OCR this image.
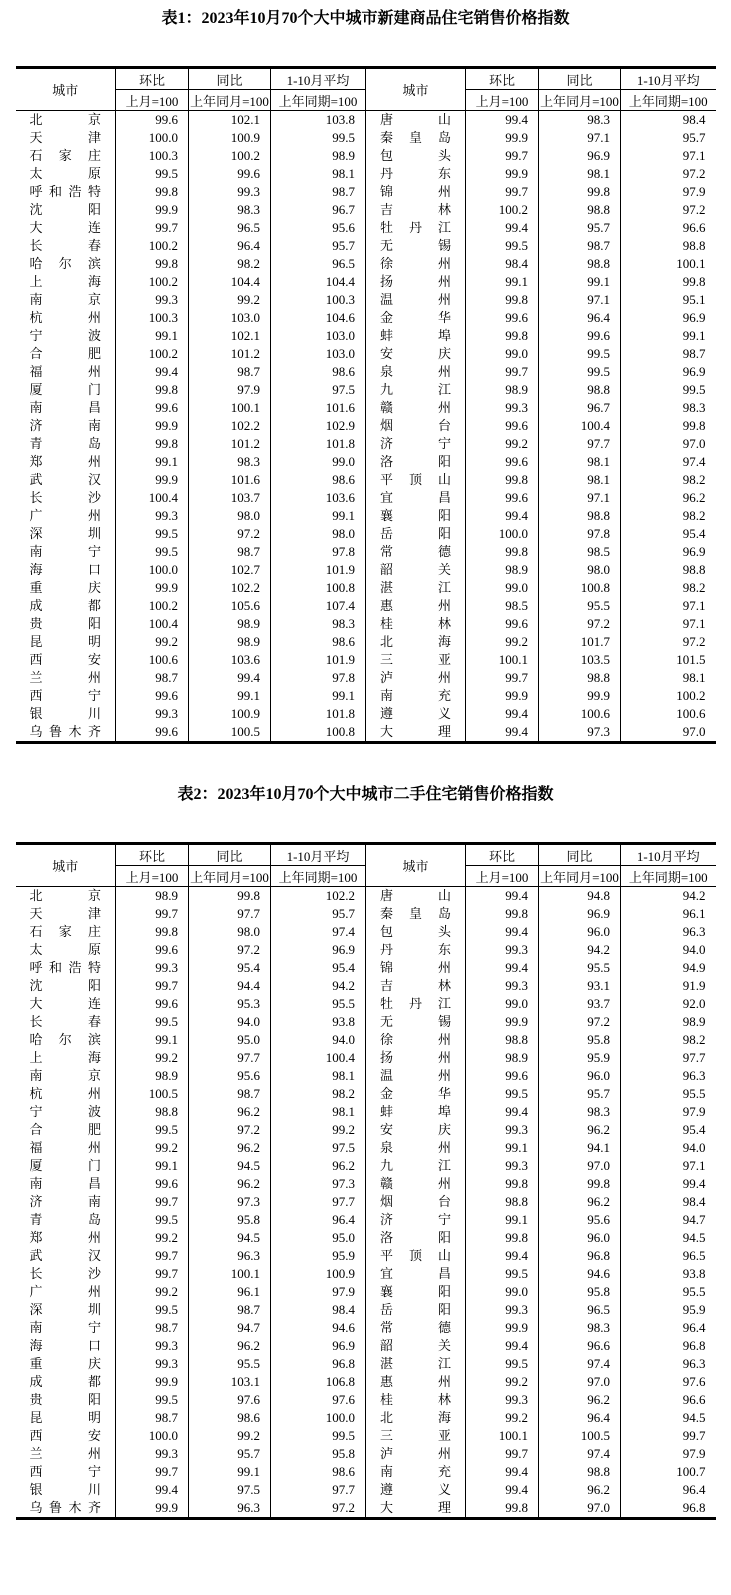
表1：2023年10月70个大中城市新建商品住宅销售价格指数
城市	环比	同比	1-10月平均	城市	环比	同比	1-10月平均
	上月=100	上年同月=100	上年同期=100		上月=100	上年同月=100	上年同期=100

北 京	99.6	102.1	103.8	唐 山	99.4	98.3	98.4

天 津	100.0	100.9	99.5	秦 皇 岛	99.9	97.1	95.7

石 家 庄	100.3	100.2	98.9	包 头	99.7	96.9	97.1

太 原	99.5	99.6	98.1	丹 东	99.9	98.1	97.2

呼 和 浩 特	99.8	99.3	98.7	锦 州	99.7	99.8	97.9

沈 阳	99.9	98.3	96.7	吉 林	100.2	98.8	97.2

大 连	99.7	96.5	95.6	牡 丹 江	99.4	95.7	96.6

长 春	100.2	96.4	95.7	无 锡	99.5	98.7	98.8

哈 尔 滨	99.8	98.2	96.5	徐 州	98.4	98.8	100.1

上 海	100.2	104.4	104.4	扬 州	99.1	99.1	99.8

南 京	99.3	99.2	100.3	温 州	99.8	97.1	95.1

杭 州	100.3	103.0	104.6	金 华	99.6	96.4	96.9

宁 波	99.1	102.1	103.0	蚌 埠	99.8	99.6	99.1

合 肥	100.2	101.2	103.0	安 庆	99.0	99.5	98.7

福 州	99.4	98.7	98.6	泉 州	99.7	99.5	96.9

厦 门	99.8	97.9	97.5	九 江	98.9	98.8	99.5

南 昌	99.6	100.1	101.6	赣 州	99.3	96.7	98.3

济 南	99.9	102.2	102.9	烟 台	99.6	100.4	99.8

青 岛	99.8	101.2	101.8	济 宁	99.2	97.7	97.0

郑 州	99.1	98.3	99.0	洛 阳	99.6	98.1	97.4

武 汉	99.9	101.6	98.6	平 顶 山	99.8	98.1	98.2

长 沙	100.4	103.7	103.6	宜 昌	99.6	97.1	96.2

广 州	99.3	98.0	99.1	襄 阳	99.4	98.8	98.2

深 圳	99.5	97.2	98.0	岳 阳	100.0	97.8	95.4

南 宁	99.5	98.7	97.8	常 德	99.8	98.5	96.9

海 口	100.0	102.7	101.9	韶 关	98.9	98.0	98.8

重 庆	99.9	102.2	100.8	湛 江	99.0	100.8	98.2

成 都	100.2	105.6	107.4	惠 州	98.5	95.5	97.1

贵 阳	100.4	98.9	98.3	桂 林	99.6	97.2	97.1

昆 明	99.2	98.9	98.6	北 海	99.2	101.7	97.2

西 安	100.6	103.6	101.9	三 亚	100.1	103.5	101.5

兰 州	98.7	99.4	97.8	泸 州	99.7	98.8	98.1

西 宁	99.6	99.1	99.1	南 充	99.9	99.9	100.2

银 川	99.3	100.9	101.8	遵 义	99.4	100.6	100.6

乌 鲁 木 齐	99.6	100.5	100.8	大 理	99.4	97.3	97.0
表2：2023年10月70个大中城市二手住宅销售价格指数
城市	环比	同比	1-10月平均	城市	环比	同比	1-10月平均
	上月=100	上年同月=100	上年同期=100		上月=100	上年同月=100	上年同期=100

北 京	98.9	99.8	102.2	唐 山	99.4	94.8	94.2

天 津	99.7	97.7	95.7	秦 皇 岛	99.8	96.9	96.1

石 家 庄	99.8	98.0	97.4	包 头	99.4	96.0	96.3

太 原	99.6	97.2	96.9	丹 东	99.3	94.2	94.0

呼 和 浩 特	99.3	95.4	95.4	锦 州	99.4	95.5	94.9

沈 阳	99.7	94.4	94.2	吉 林	99.3	93.1	91.9

大 连	99.6	95.3	95.5	牡 丹 江	99.0	93.7	92.0

长 春	99.5	94.0	93.8	无 锡	99.9	97.2	98.9

哈 尔 滨	99.1	95.0	94.0	徐 州	98.8	95.8	98.2

上 海	99.2	97.7	100.4	扬 州	98.9	95.9	97.7

南 京	98.9	95.6	98.1	温 州	99.6	96.0	96.3

杭 州	100.5	98.7	98.2	金 华	99.5	95.7	95.5

宁 波	98.8	96.2	98.1	蚌 埠	99.4	98.3	97.9

合 肥	99.5	97.2	99.2	安 庆	99.3	96.2	95.4

福 州	99.2	96.2	97.5	泉 州	99.1	94.1	94.0

厦 门	99.1	94.5	96.2	九 江	99.3	97.0	97.1

南 昌	99.6	96.2	97.3	赣 州	99.8	99.8	99.4

济 南	99.7	97.3	97.7	烟 台	98.8	96.2	98.4

青 岛	99.5	95.8	96.4	济 宁	99.1	95.6	94.7

郑 州	99.2	94.5	95.0	洛 阳	99.8	96.0	94.5

武 汉	99.7	96.3	95.9	平 顶 山	99.4	96.8	96.5

长 沙	99.7	100.1	100.9	宜 昌	99.5	94.6	93.8

广 州	99.2	96.1	97.9	襄 阳	99.0	95.8	95.5

深 圳	99.5	98.7	98.4	岳 阳	99.3	96.5	95.9

南 宁	98.7	94.7	94.6	常 德	99.9	98.3	96.4

海 口	99.3	96.2	96.9	韶 关	99.4	96.6	96.8

重 庆	99.3	95.5	96.8	湛 江	99.5	97.4	96.3

成 都	99.9	103.1	106.8	惠 州	99.2	97.0	97.6

贵 阳	99.5	97.6	97.6	桂 林	99.3	96.2	96.6

昆 明	98.7	98.6	100.0	北 海	99.2	96.4	94.5

西 安	100.0	99.2	99.5	三 亚	100.1	100.5	99.7

兰 州	99.3	95.7	95.8	泸 州	99.7	97.4	97.9

西 宁	99.7	99.1	98.6	南 充	99.4	98.8	100.7

银 川	99.4	97.5	97.7	遵 义	99.4	96.2	96.4

乌 鲁 木 齐	99.9	96.3	97.2	大 理	99.8	97.0	96.8
